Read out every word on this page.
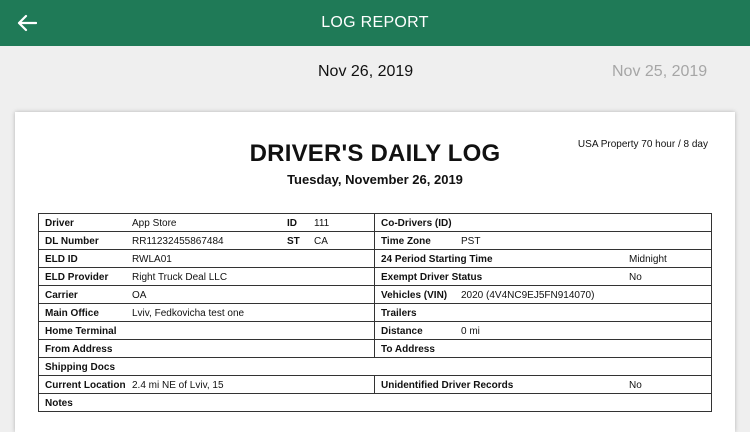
LOG REPORT
Nov 26, 2019	Nov 25, 2019
USA Property 70 hour / 8 day
DRIVER'S DAILY LOG
Tuesday, November 26, 2019
Driver	App Store	ID 111	Co-Drivers (ID)
DL Number	RR11232455867484	ST CA	Time Zone	PST
ELD ID	RWLA01	24 Period Starting Time	Midnight
ELD Provider Right Truck Deal LLC	Exempt Driver Status	No
Carrier	OA	Vehicles (VIN) 2020 (4V4NC9EJ5FN914070)
Main Office	Lviv, Fedkovicha test one	Trailers
Home Terminal	Distance	0 mi
From Address	To Address
Shipping Docs
Current Location 2.4 mi NE of Lviv, 15	Unidentified Driver Records	No
Notes
